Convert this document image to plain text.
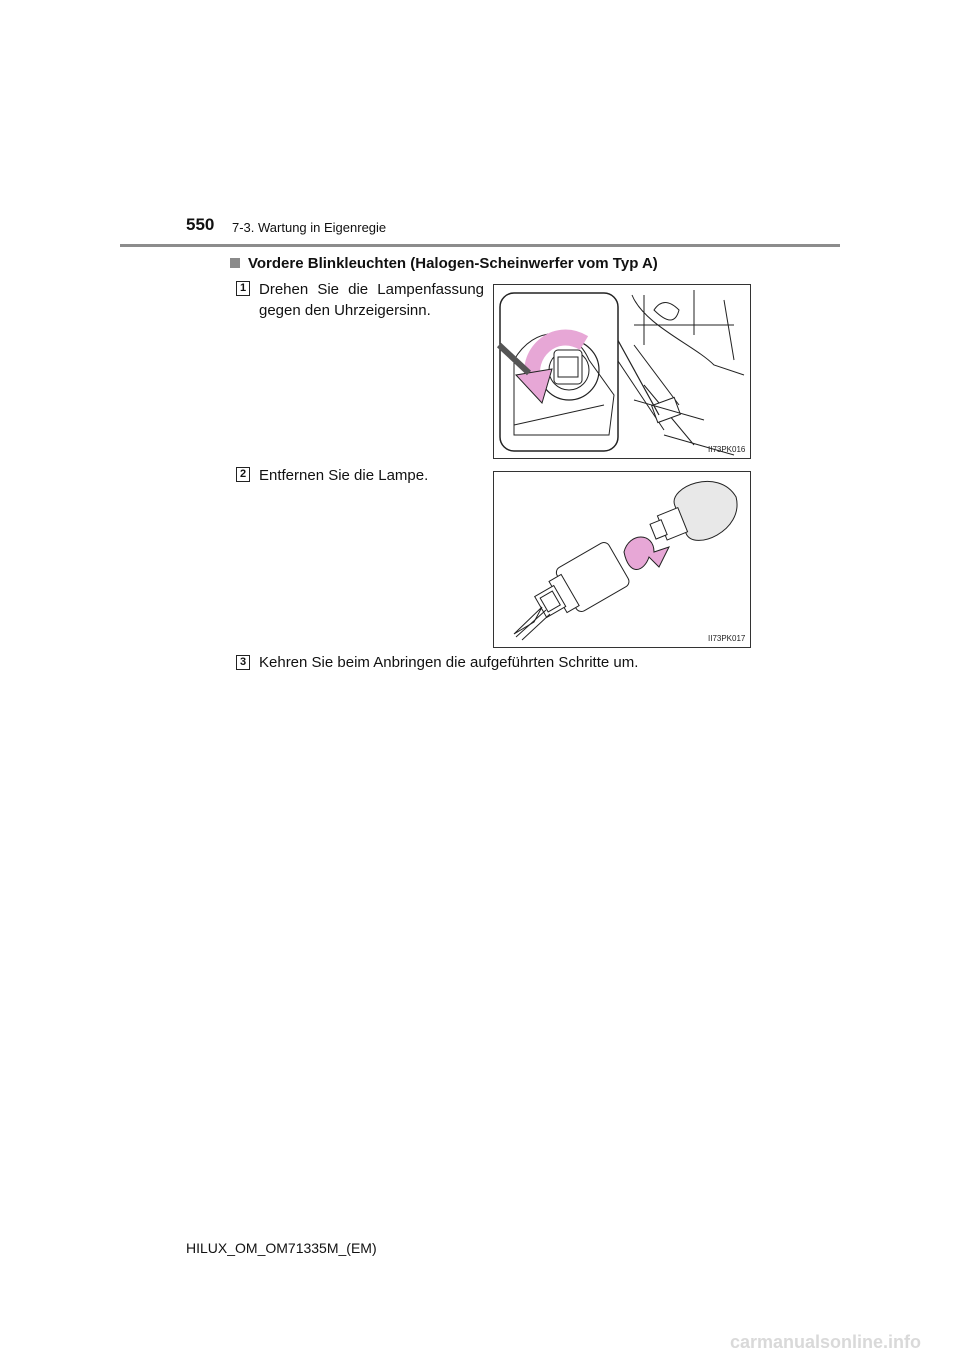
550 7-3. Wartung in Eigenregie
Vordere Blinkleuchten (Halogen-Scheinwerfer vom Typ A)
1 Drehen Sie die Lampenfassung
gegen den Uhrzeigersinn.
II73PK016
2 Entfernen Sie die Lampe.
II73PK017
3 Kehren Sie beim Anbringen die aufgeführten Schritte um.
HILUX_OM_OM71335M_(EM)
carmanualsonline.info
